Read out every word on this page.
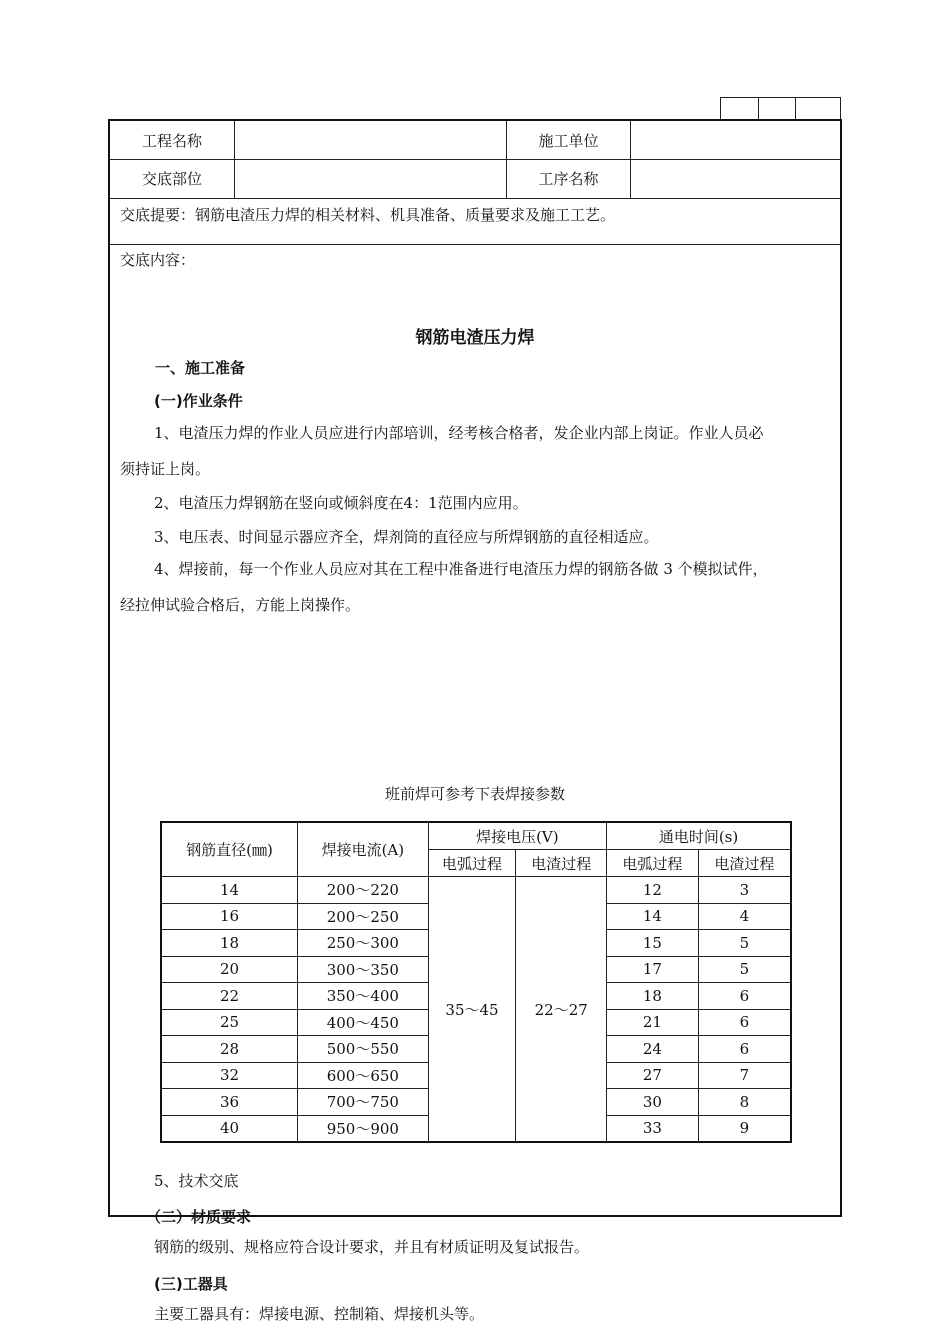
工程名称	施工单位
交底部位	工序名称
交底提要：钢筋电渣压力焊的相关材料、机具准备、质量要求及施工工艺。
交底内容：
钢筋电渣压力焊
一、施工准备
(一)作业条件
1、电渣压力焊的作业人员应进行内部培训，经考核合格者，发企业内部上岗证。作业人员必
须持证上岗。
2、电渣压力焊钢筋在竖向或倾斜度在4：1范围内应用。
3、电压表、时间显示器应齐全，焊剂筒的直径应与所焊钢筋的直径相适应。
4、焊接前，每一个作业人员应对其在工程中准备进行电渣压力焊的钢筋各做 3 个模拟试件，
经拉伸试验合格后，方能上岗操作。
班前焊可参考下表焊接参数
钢筋直径(㎜)	焊接电流(A)	焊接电压(V)		通电时间(s)	
		电弧过程	电渣过程	电弧过程	电渣过程
14	200～220	35～45	22～27	12	3
16	200～250			14	4
18	250～300			15	5
20	300～350			17	5
22	350～400			18	6
25	400～450			21	6
28	500～550			24	6
32	600～650			27	7
36	700～750			30	8
40	950～900			33	9
5、技术交底
（二）材质要求
钢筋的级别、规格应符合设计要求，并且有材质证明及复试报告。
(三)工器具
主要工器具有：焊接电源、控制箱、焊接机头等。
